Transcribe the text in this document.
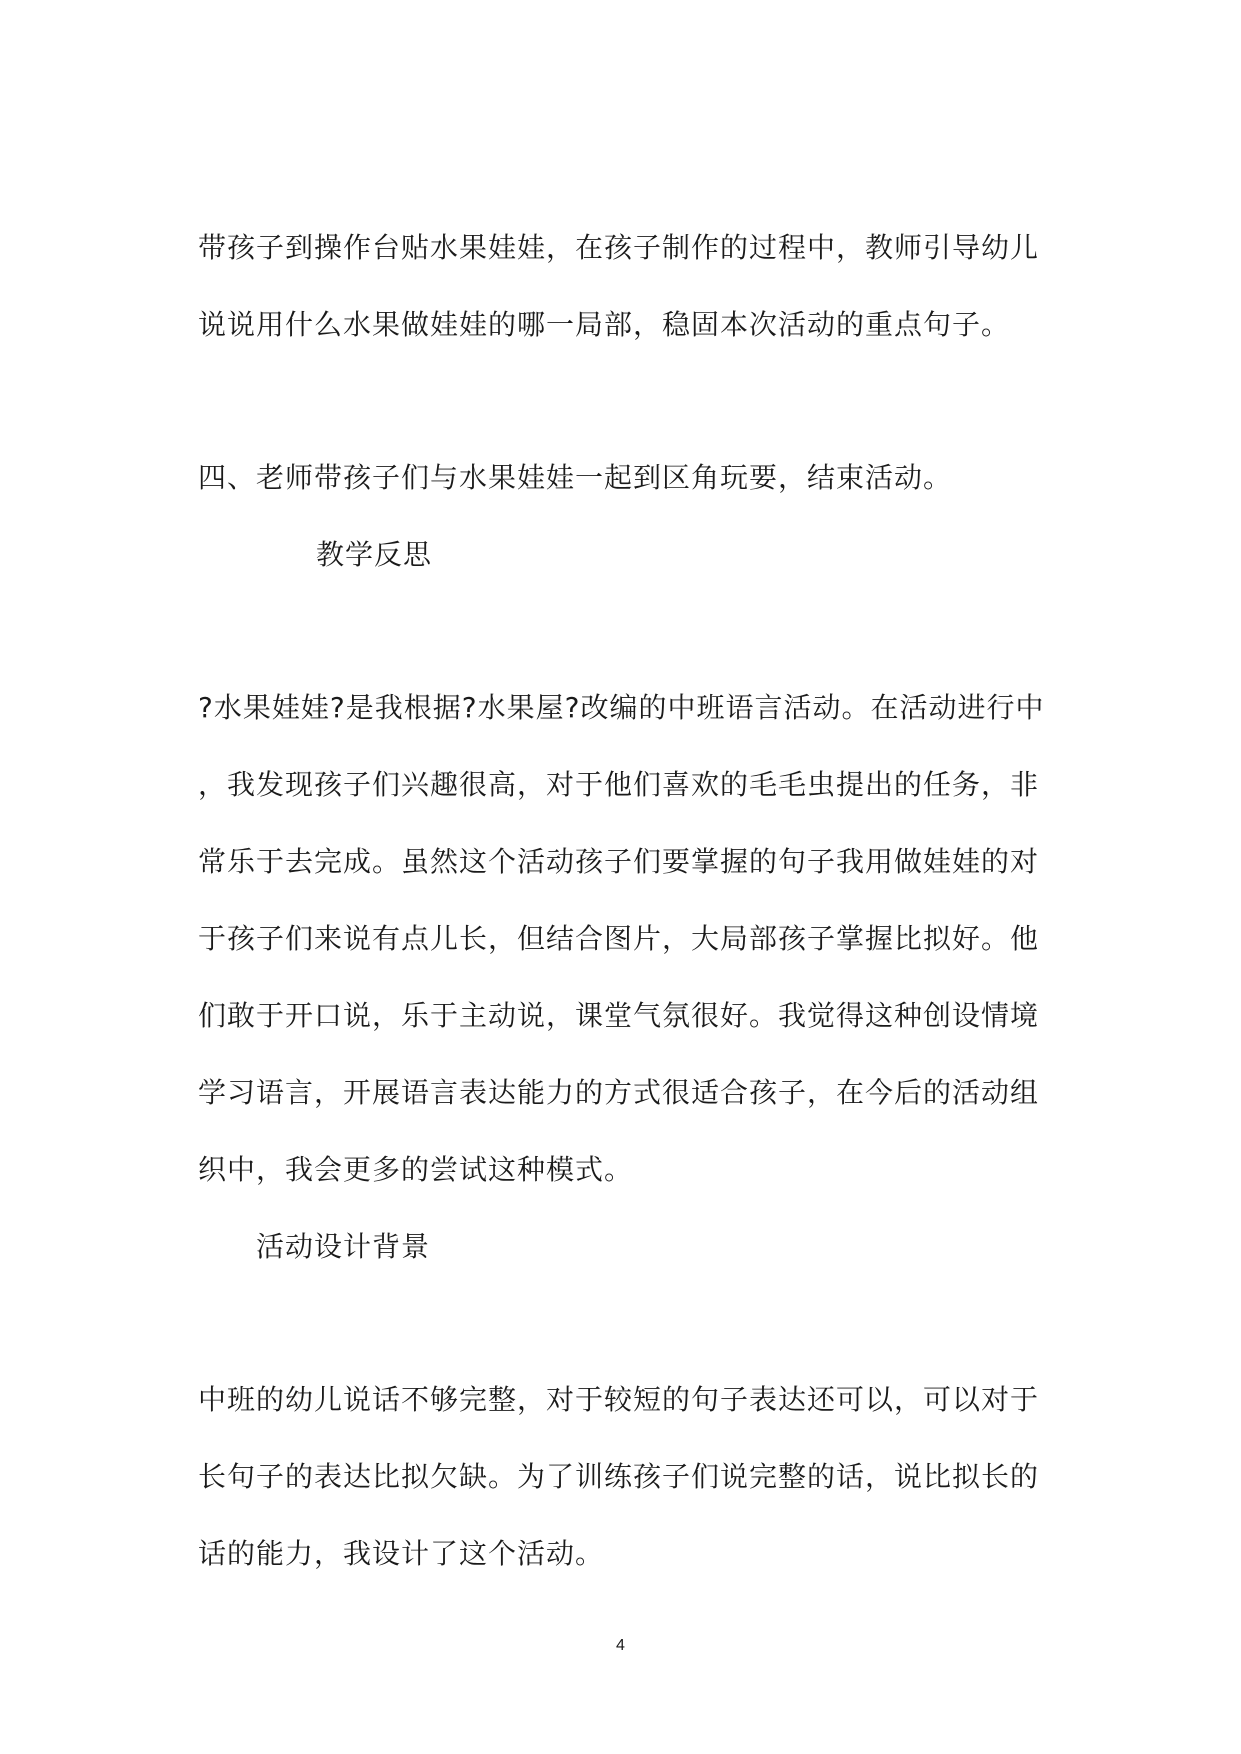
带孩子到操作台贴水果娃娃，在孩子制作的过程中，教师引导幼儿
说说用什么水果做娃娃的哪一局部，稳固本次活动的重点句子。
四、老师带孩子们与水果娃娃一起到区角玩要，结束活动。
教学反思
?水果娃娃?是我根据?水果屋?改编的中班语言活动。在活动进行中
，我发现孩子们兴趣很高，对于他们喜欢的毛毛虫提出的任务，非
常乐于去完成。虽然这个活动孩子们要掌握的句子我用做娃娃的对
于孩子们来说有点儿长，但结合图片，大局部孩子掌握比拟好。他
们敢于开口说，乐于主动说，课堂气氛很好。我觉得这种创设情境
学习语言，开展语言表达能力的方式很适合孩子，在今后的活动组
织中，我会更多的尝试这种模式。
活动设计背景
中班的幼儿说话不够完整，对于较短的句子表达还可以，可以对于
长句子的表达比拟欠缺。为了训练孩子们说完整的话，说比拟长的
话的能力，我设计了这个活动。
4
